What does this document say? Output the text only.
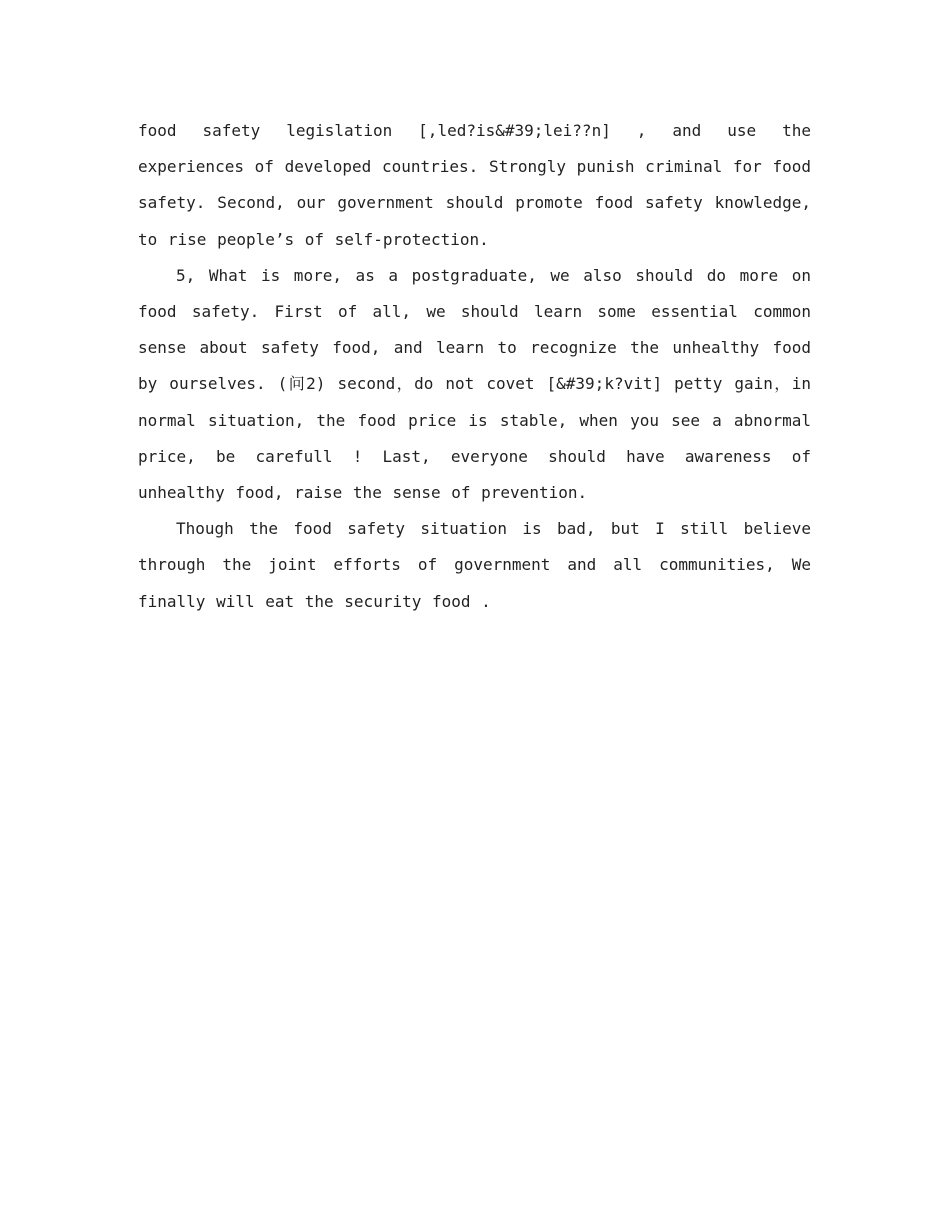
food safety legislation [,led?is&#39;lei??n] , and use the experiences of developed countries. Strongly punish criminal for food safety. Second, our government should promote food safety knowledge, to rise people’s of self-protection.

5, What is more, as a postgraduate, we also should do more on food safety. First of all, we should learn some essential common sense about safety food, and learn to recognize the unhealthy food by ourselves. (问2) second，do not covet [&#39;k?vit] petty gain，in normal situation, the food price is stable, when you see a abnormal price, be carefull ! Last, everyone should have awareness of unhealthy food, raise the sense of prevention.

Though the food safety situation is bad, but I still believe through the joint efforts of government and all communities, We finally will eat the security food .
